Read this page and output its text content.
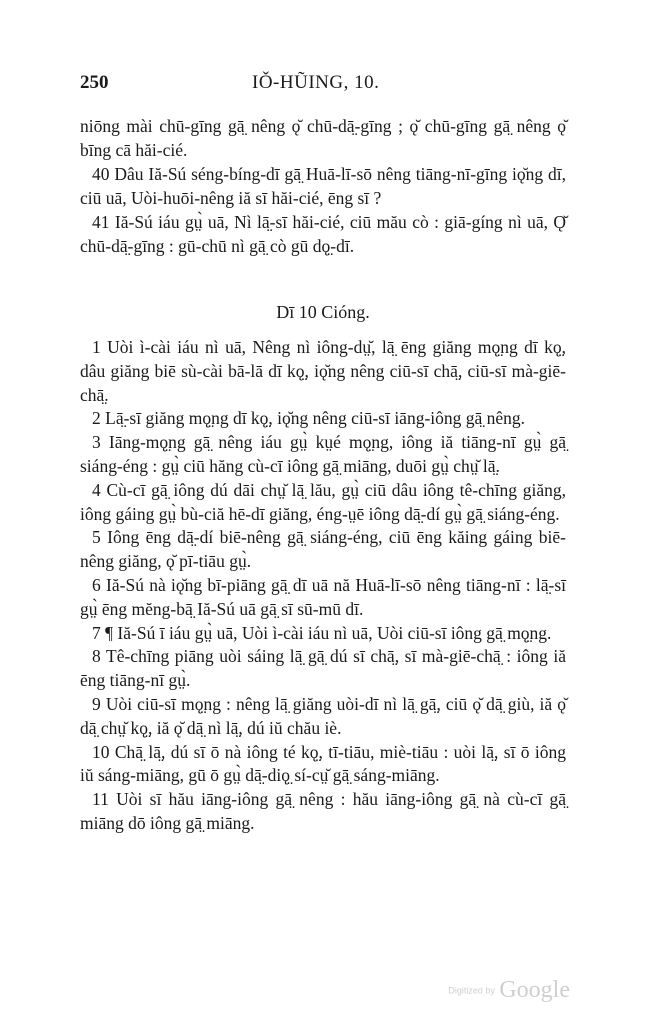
250	IǑ-HŨING, 10.

niōng mài chū-gīng gā̤ nêng ǫ̆ chū-dā̤-gīng ; ǫ̆ chū-gīng gā̤ nêng ǫ̆ bīng cā hăi-cié.

40 Dâu Iă-Sú séng-bíng-dī gā̤ Huā-lī-sō nêng tiāng-nī-gīng iǫ̆ng dī, ciū uā, Uòi-huōi-nêng iă sī hăi-cié, ēng sī ?

41 Iă-Sú iáu gṳ̀ uā, Nì lā̤-sī hăi-cié, ciū mău cò : giā-gíng nì uā, Ǫ̆ chū-dā̤-gīng : gū-chū nì gā̤ cò gū dǫ̤-dī.

Dī 10 Cióng.

1 Uòi ì-cài iáu nì uā, Nêng nì iông-dṳ̆, lā̤ ēng giăng mǫ̤ng dī kǫ̤, dâu giăng biē sù-cài bā-lā dī kǫ̤, iǫ̆ng nêng ciū-sī chā̤, ciū-sī mà-giē-chā̤.

2 Lā̤-sī giăng mǫ̤ng dī kǫ̤, iǫ̆ng nêng ciū-sī iāng-iông gā̤ nêng.

3 Iāng-mǫ̤ng gā̤ nêng iáu gṳ̀ kṳé mǫ̤ng, iông iă tiāng-nī gṳ̀ gā̤ siáng-éng : gṳ̀ ciū hăng cù-cī iông gā̤ miāng, duōi gṳ̀ chṳ̆ lā̤.

4 Cù-cī gā̤ iông dú dāi chṳ̆ lā̤ lău, gṳ̀ ciū dâu iông tê-chīng giăng, iông gáing gṳ̀ bù-ciă hē-dī giăng, éng-ṳē iông dā̤-dí gṳ̀ gā̤ siáng-éng.

5 Iông ēng dā̤-dí biē-nêng gā̤ siáng-éng, ciū ēng kăing gáing biē-nêng giăng, ǫ̆ pī-tiāu gṳ̀.

6 Iă-Sú nà iǫ̆ng bī-piāng gā̤ dī uā nă Huā-lī-sō nêng tiāng-nī : lā̤-sī gṳ̀ ēng mĕng-bā̤ Iă-Sú uā gā̤ sī sū-mū dī.

7 ¶ Iă-Sú ī iáu gṳ̀ uā, Uòi ì-cài iáu nì uā, Uòi ciū-sī iông gā̤ mǫ̤ng.

8 Tê-chīng piāng uòi sáing lā̤ gā̤ dú sī chā̤, sī mà-giē-chā̤ : iông iă ēng tiāng-nī gṳ̀.

9 Uòi ciū-sī mǫ̤ng : nêng lā̤ giăng uòi-dī nì lā̤ gā̤, ciū ǫ̆ dā̤ giù, iă ǫ̆ dā̤ chṳ̆ kǫ̤, iă ǫ̆ dā̤ nì lā̤, dú iŭ chău iè.

10 Chā̤ lā̤, dú sī ō nà iông té kǫ̤, tī-tiāu, miè-tiāu : uòi lā̤, sī ō iông iŭ sáng-miāng, gū ō gṳ̀ dā̤-diǫ̤ sí-cṳ̆ gā̤ sáng-miāng.

11 Uòi sī hău iāng-iông gā̤ nêng : hău iāng-iông gā̤ nà cù-cī gā̤ miāng dō iông gā̤ miāng.

Digitized by Google
